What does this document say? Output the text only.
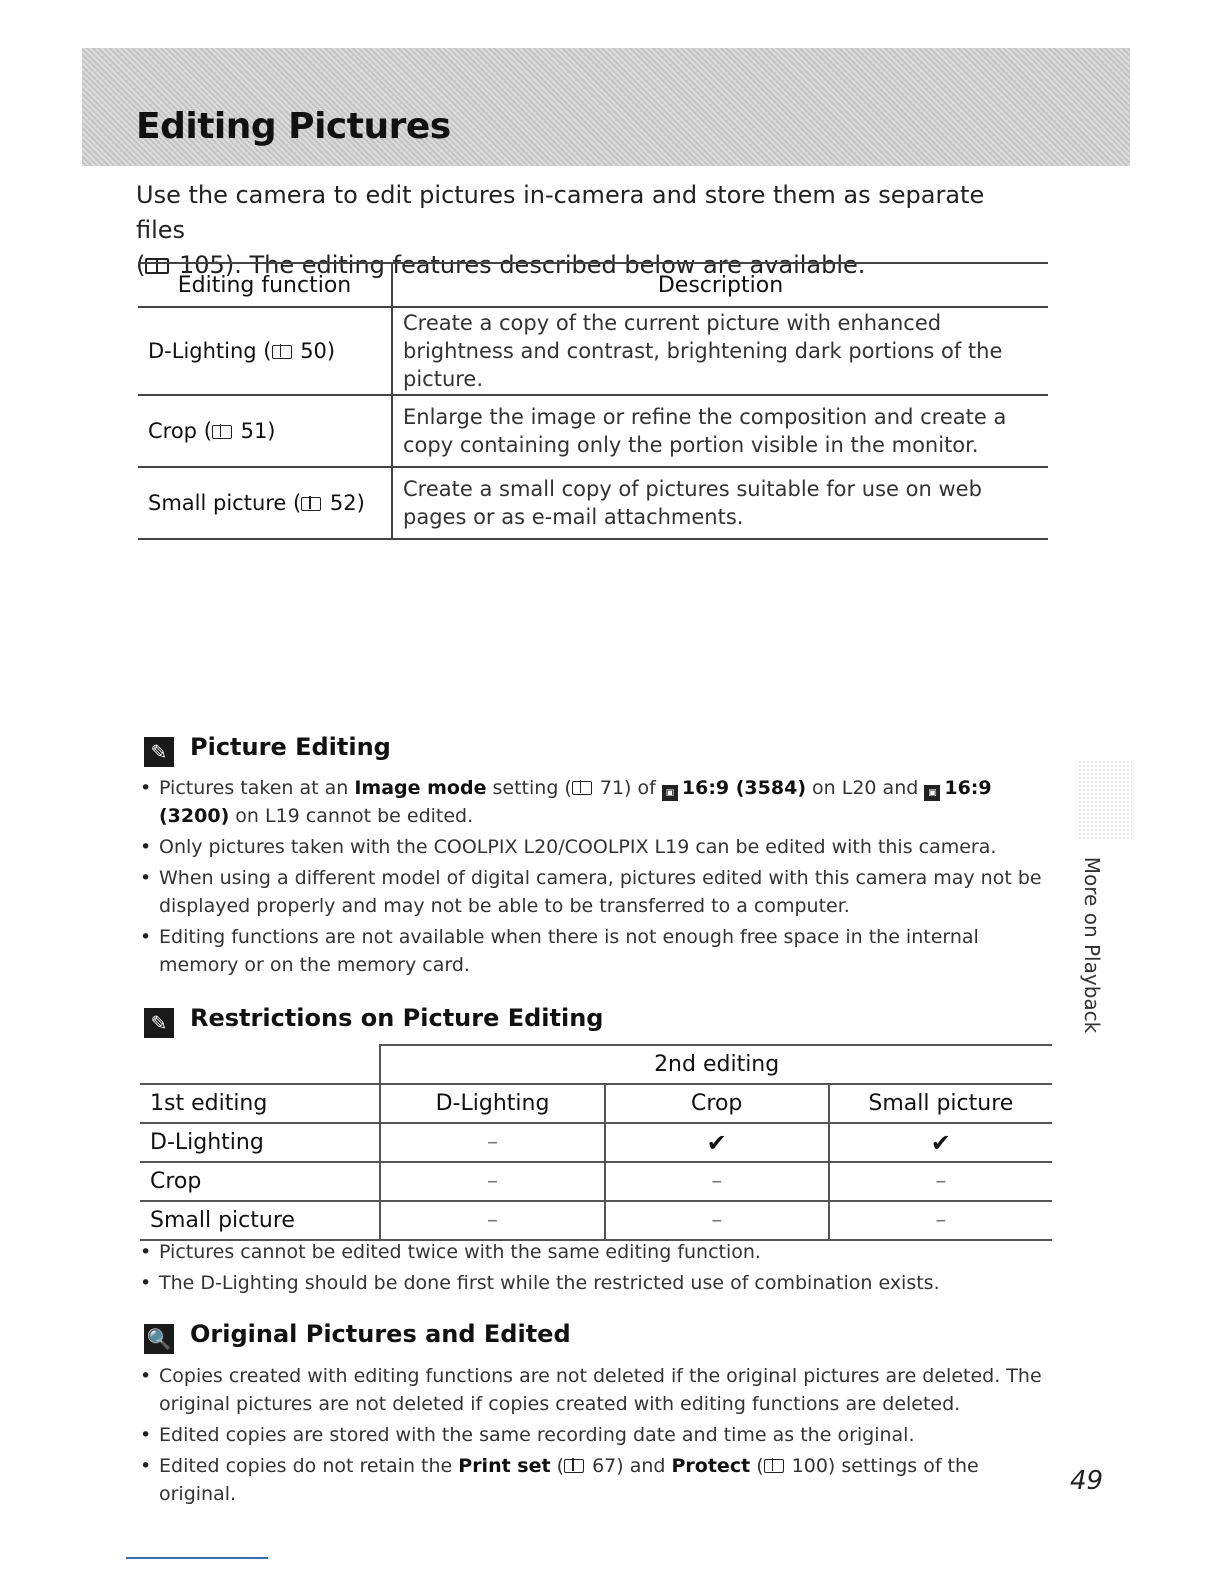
Editing Pictures
Use the camera to edit pictures in-camera and store them as separate files
( 105). The editing features described below are available.
Editing function	Description
D-Lighting ( 50)	Create a copy of the current picture with enhanced brightness and contrast, brightening dark portions of the picture.
Crop ( 51)	Enlarge the image or refine the composition and create a copy containing only the portion visible in the monitor.
Small picture ( 52)	Create a small copy of pictures suitable for use on web pages or as e-mail attachments.
✎ Picture Editing
• Pictures taken at an Image mode setting ( 71) of ▣ 16:9 (3584) on L20 and ▣ 16:9 (3200) on L19 cannot be edited.
• Only pictures taken with the COOLPIX L20/COOLPIX L19 can be edited with this camera.
• When using a different model of digital camera, pictures edited with this camera may not be displayed properly and may not be able to be transferred to a computer.
• Editing functions are not available when there is not enough free space in the internal memory or on the memory card.
✎ Restrictions on Picture Editing
	2nd editing		
1st editing	D-Lighting	Crop	Small picture
D-Lighting	–	✔	✔
Crop	–	–	–
Small picture	–	–	–
• Pictures cannot be edited twice with the same editing function.
• The D-Lighting should be done first while the restricted use of combination exists.
🔍 Original Pictures and Edited
• Copies created with editing functions are not deleted if the original pictures are deleted. The original pictures are not deleted if copies created with editing functions are deleted.
• Edited copies are stored with the same recording date and time as the original.
• Edited copies do not retain the Print set ( 67) and Protect ( 100) settings of the original.
More on Playback
49
